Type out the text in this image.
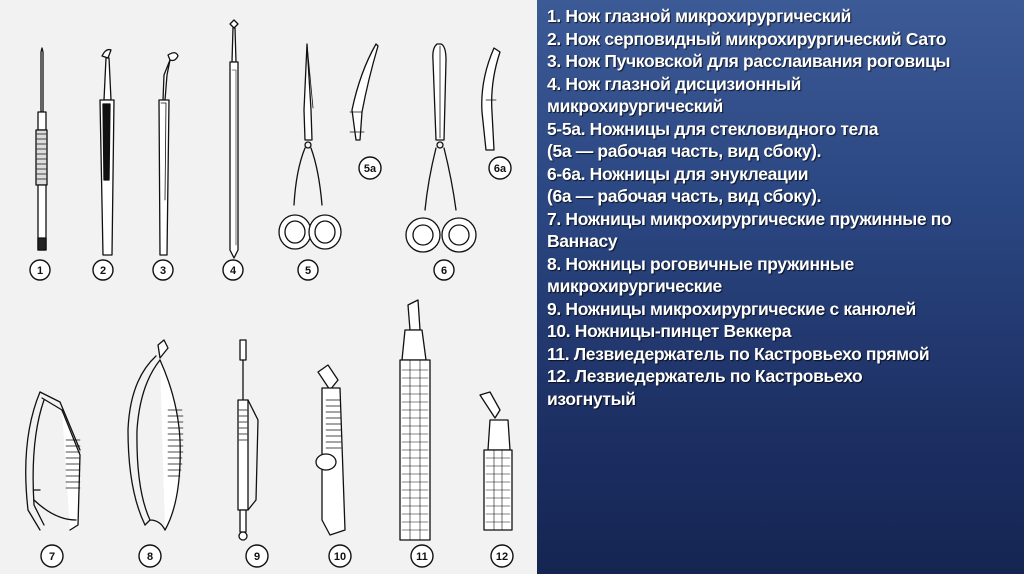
1	2	3	4	5	6
5а	6а
7	8	9	10	11	12
1. Нож глазной микрохирургический
2. Нож серповидный микрохирургический Сато
3. Нож Пучковской для расслаивания роговицы
4. Нож глазной дисцизионный
микрохирургический
5-5а. Ножницы для стекловидного тела
(5а — рабочая часть, вид сбоку).
6-6а. Ножницы для энуклеации
(6а — рабочая часть, вид сбоку).
7. Ножницы микрохирургические пружинные по
Ваннасу
8. Ножницы роговичные пружинные
микрохирургические
9. Ножницы микрохирургические с канюлей
10. Ножницы-пинцет Веккера
11. Лезвиедержатель по Кастровьехо прямой
12. Лезвиедержатель по Кастровьехо
изогнутый
